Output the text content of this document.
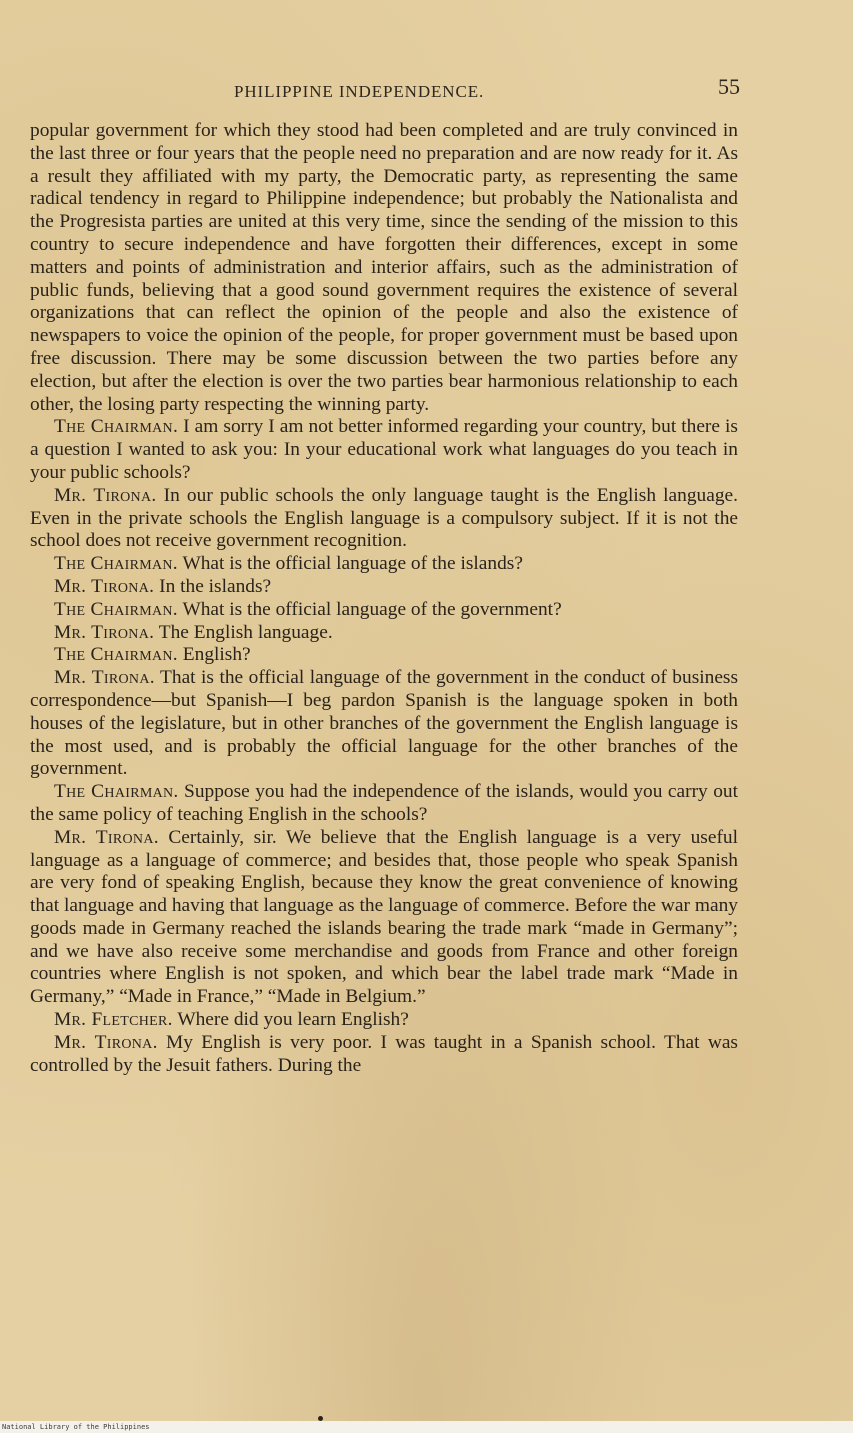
PHILIPPINE INDEPENDENCE.	55

popular government for which they stood had been completed and are truly convinced in the last three or four years that the people need no preparation and are now ready for it. As a result they affiliated with my party, the Democratic party, as representing the same radical tendency in regard to Philippine independence; but probably the Nationalista and the Progresista parties are united at this very time, since the sending of the mission to this country to secure independence and have forgotten their differences, except in some matters and points of administration and interior affairs, such as the administration of public funds, believing that a good sound government requires the existence of several organizations that can reflect the opinion of the people and also the existence of newspapers to voice the opinion of the people, for proper government must be based upon free discussion. There may be some discussion between the two parties before any election, but after the election is over the two parties bear harmonious relationship to each other, the losing party respecting the winning party.

The Chairman. I am sorry I am not better informed regarding your country, but there is a question I wanted to ask you: In your educational work what languages do you teach in your public schools?

Mr. Tirona. In our public schools the only language taught is the English language. Even in the private schools the English language is a compulsory subject. If it is not the school does not receive government recognition.

The Chairman. What is the official language of the islands?

Mr. Tirona. In the islands?

The Chairman. What is the official language of the government?

Mr. Tirona. The English language.

The Chairman. English?

Mr. Tirona. That is the official language of the government in the conduct of business correspondence—but Spanish—I beg pardon Spanish is the language spoken in both houses of the legislature, but in other branches of the government the English language is the most used, and is probably the official language for the other branches of the government.

The Chairman. Suppose you had the independence of the islands, would you carry out the same policy of teaching English in the schools?

Mr. Tirona. Certainly, sir. We believe that the English language is a very useful language as a language of commerce; and besides that, those people who speak Spanish are very fond of speaking English, because they know the great convenience of knowing that language and having that language as the language of commerce. Before the war many goods made in Germany reached the islands bearing the trade mark “made in Germany”; and we have also receive some merchandise and goods from France and other foreign countries where English is not spoken, and which bear the label trade mark “Made in Germany,” “Made in France,” “Made in Belgium.”

Mr. Fletcher. Where did you learn English?

Mr. Tirona. My English is very poor. I was taught in a Spanish school. That was controlled by the Jesuit fathers. During the

National Library of the Philippines
